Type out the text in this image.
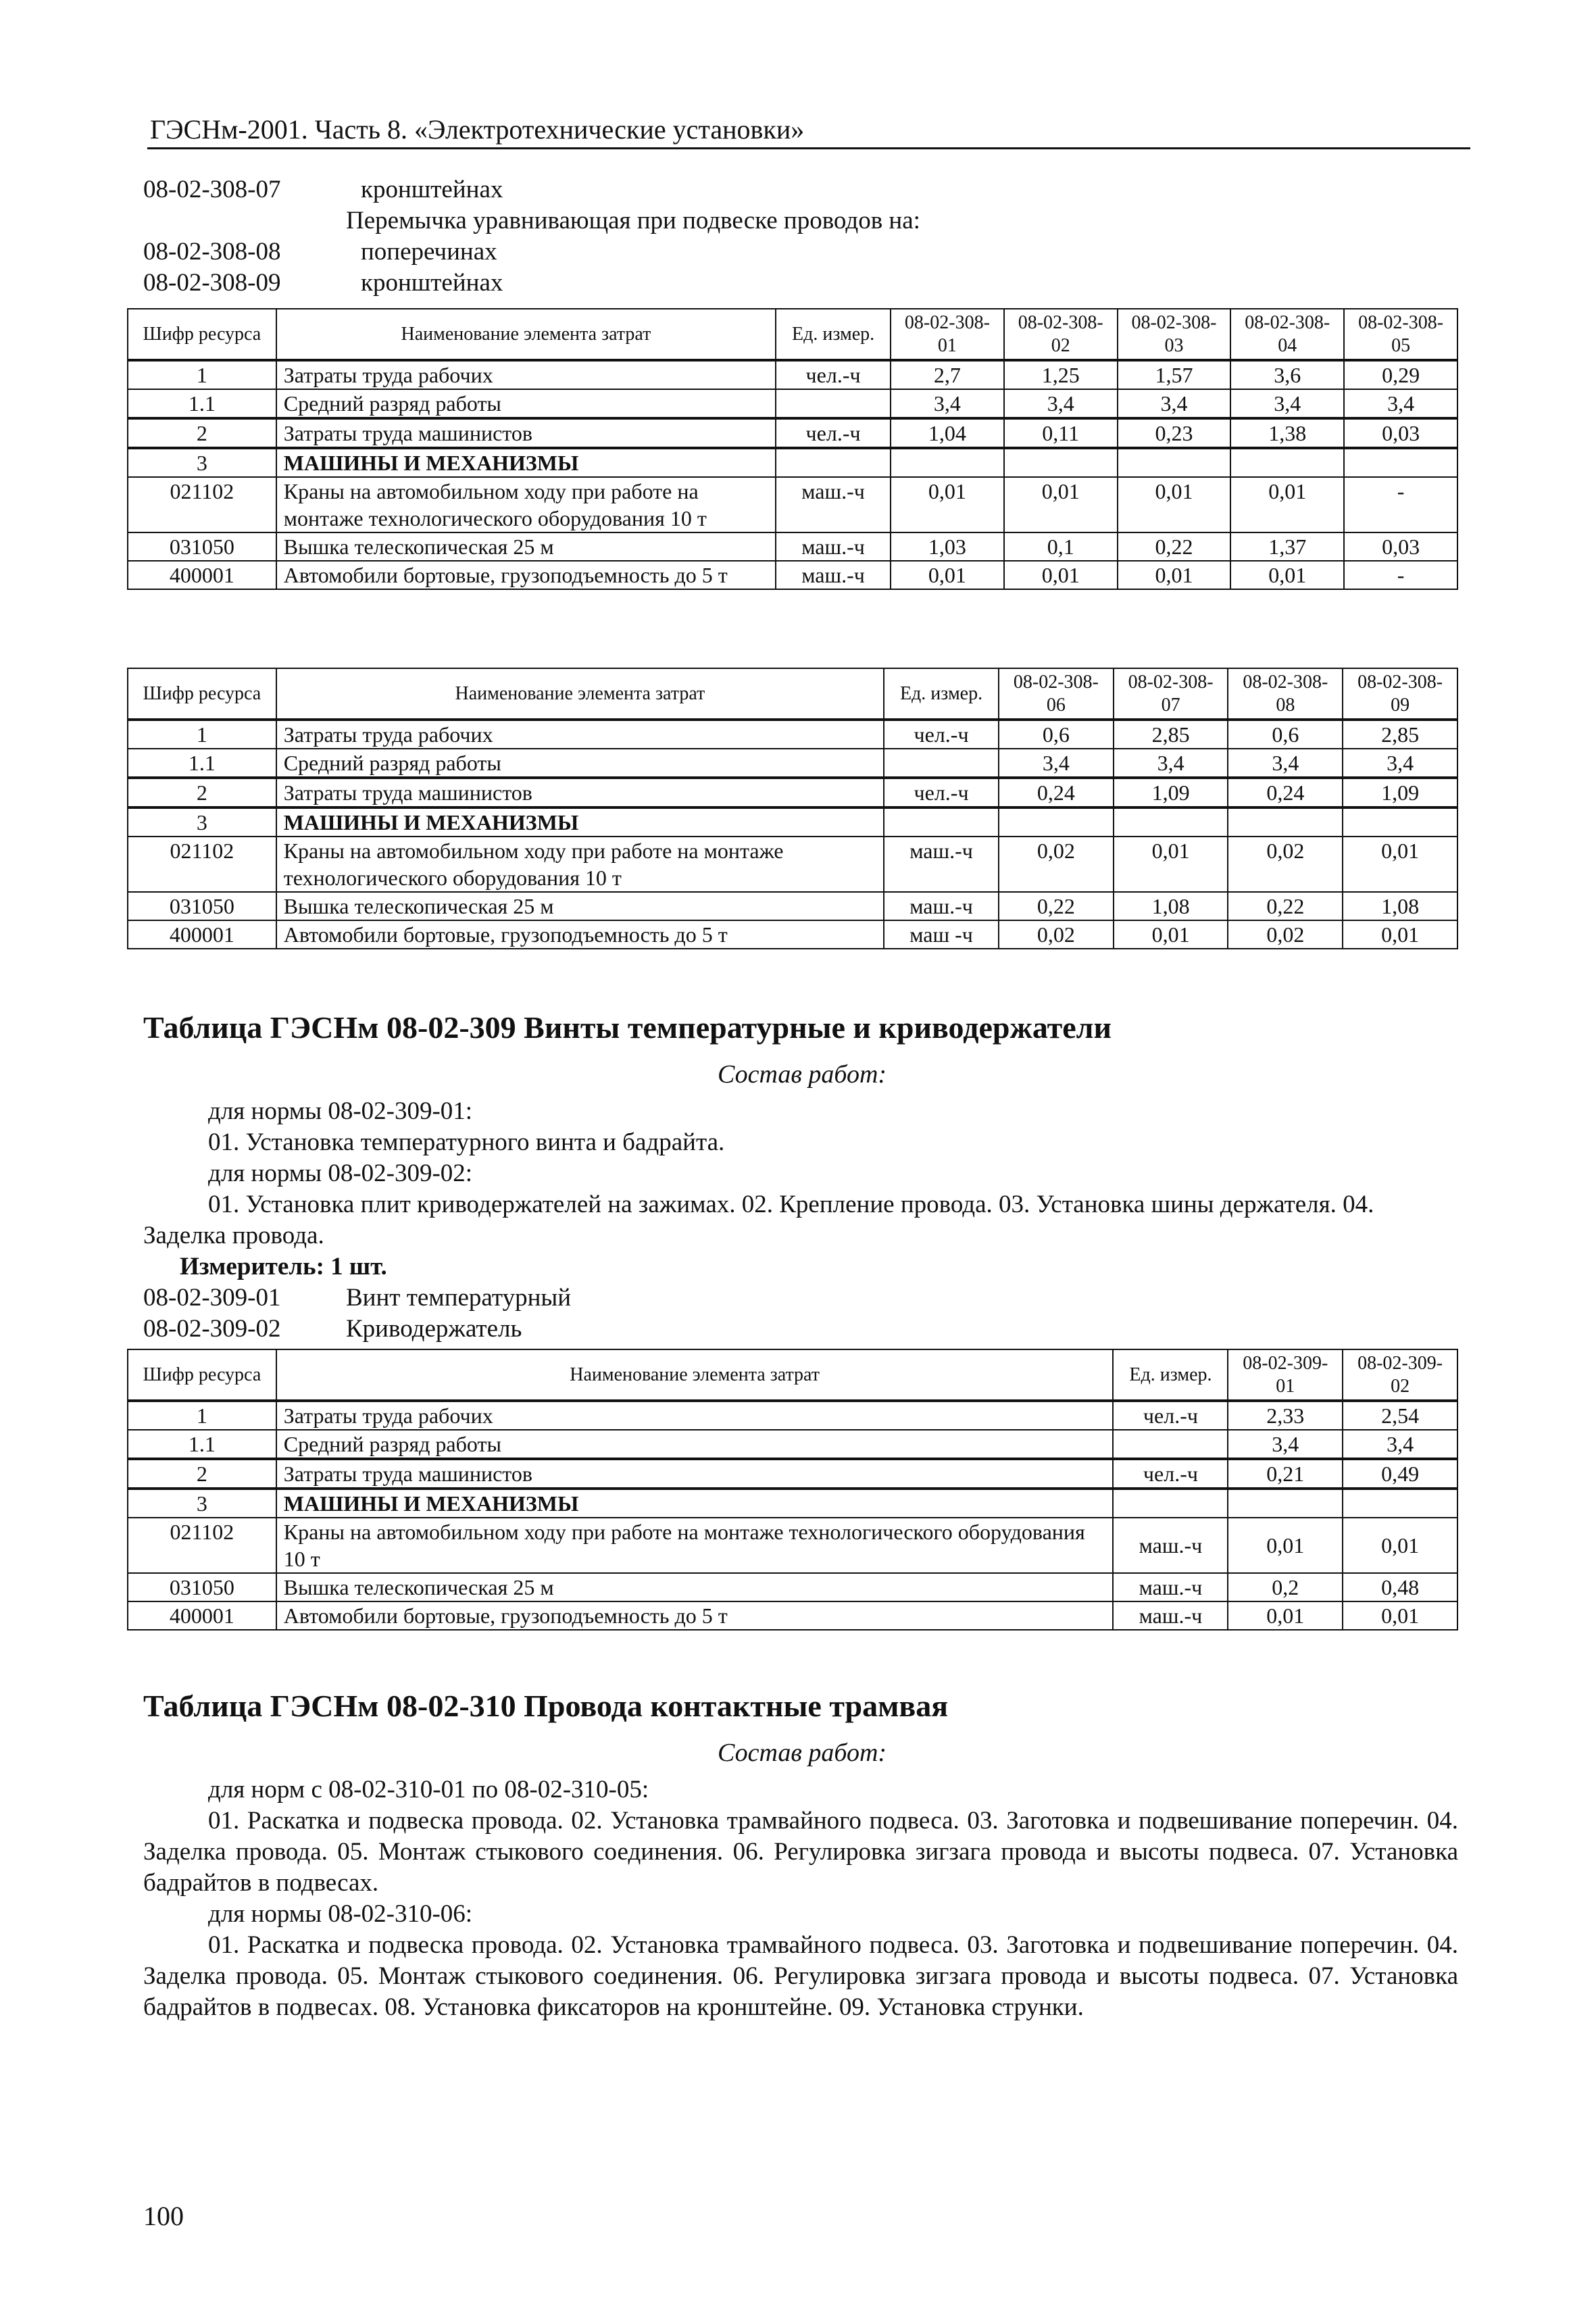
ГЭСНм-2001. Часть 8. «Электротехнические установки»
08-02-308-07	кронштейнах
Перемычка уравнивающая при подвеске проводов на:
08-02-308-08	поперечинах
08-02-308-09	кронштейнах
Шифр ресурса	Наименование элемента затрат	Ед. измер.	08-02-308-01	08-02-308-02	08-02-308-03	08-02-308-04	08-02-308-05
1	Затраты труда рабочих	чел.-ч	2,7	1,25	1,57	3,6	0,29
1.1	Средний разряд работы		3,4	3,4	3,4	3,4	3,4
2	Затраты труда машинистов	чел.-ч	1,04	0,11	0,23	1,38	0,03
3	МАШИНЫ И МЕХАНИЗМЫ						
021102	Краны на автомобильном ходу при работе на монтаже технологического оборудования 10 т	маш.-ч	0,01	0,01	0,01	0,01	-
031050	Вышка телескопическая 25 м	маш.-ч	1,03	0,1	0,22	1,37	0,03
400001	Автомобили бортовые, грузоподъемность до 5 т	маш.-ч	0,01	0,01	0,01	0,01	-
Шифр ресурса	Наименование элемента затрат	Ед. измер.	08-02-308-06	08-02-308-07	08-02-308-08	08-02-308-09
1	Затраты труда рабочих	чел.-ч	0,6	2,85	0,6	2,85
1.1	Средний разряд работы		3,4	3,4	3,4	3,4
2	Затраты труда машинистов	чел.-ч	0,24	1,09	0,24	1,09
3	МАШИНЫ И МЕХАНИЗМЫ					
021102	Краны на автомобильном ходу при работе на монтаже технологического оборудования 10 т	маш.-ч	0,02	0,01	0,02	0,01
031050	Вышка телескопическая 25 м	маш.-ч	0,22	1,08	0,22	1,08
400001	Автомобили бортовые, грузоподъемность до 5 т	маш -ч	0,02	0,01	0,02	0,01
Таблица ГЭСНм 08-02-309 Винты температурные и криводержатели
Состав работ:
для нормы 08-02-309-01:
01. Установка температурного винта и бадрайта.
для нормы 08-02-309-02:
01. Установка плит криводержателей на зажимах. 02. Крепление провода. 03. Установка шины держателя. 04. Заделка провода.
Измеритель: 1 шт.
08-02-309-01	Винт температурный
08-02-309-02	Криводержатель
Шифр ресурса	Наименование элемента затрат	Ед. измер.	08-02-309-01	08-02-309-02
1	Затраты труда рабочих	чел.-ч	2,33	2,54
1.1	Средний разряд работы		3,4	3,4
2	Затраты труда машинистов	чел.-ч	0,21	0,49
3	МАШИНЫ И МЕХАНИЗМЫ			
021102	Краны на автомобильном ходу при работе на монтаже технологического оборудования 10 т	маш.-ч	0,01	0,01
031050	Вышка телескопическая 25 м	маш.-ч	0,2	0,48
400001	Автомобили бортовые, грузоподъемность до 5 т	маш.-ч	0,01	0,01
Таблица ГЭСНм 08-02-310 Провода контактные трамвая
Состав работ:
для норм с 08-02-310-01 по 08-02-310-05:
01. Раскатка и подвеска провода. 02. Установка трамвайного подвеса. 03. Заготовка и подвешивание поперечин. 04. Заделка провода. 05. Монтаж стыкового соединения. 06. Регулировка зигзага провода и высоты подвеса. 07. Установка бадрайтов в подвесах.
для нормы 08-02-310-06:
01. Раскатка и подвеска провода. 02. Установка трамвайного подвеса. 03. Заготовка и подвешивание поперечин. 04. Заделка провода. 05. Монтаж стыкового соединения. 06. Регулировка зигзага провода и высоты подвеса. 07. Установка бадрайтов в подвесах. 08. Установка фиксаторов на кронштейне. 09. Установка струнки.
100
